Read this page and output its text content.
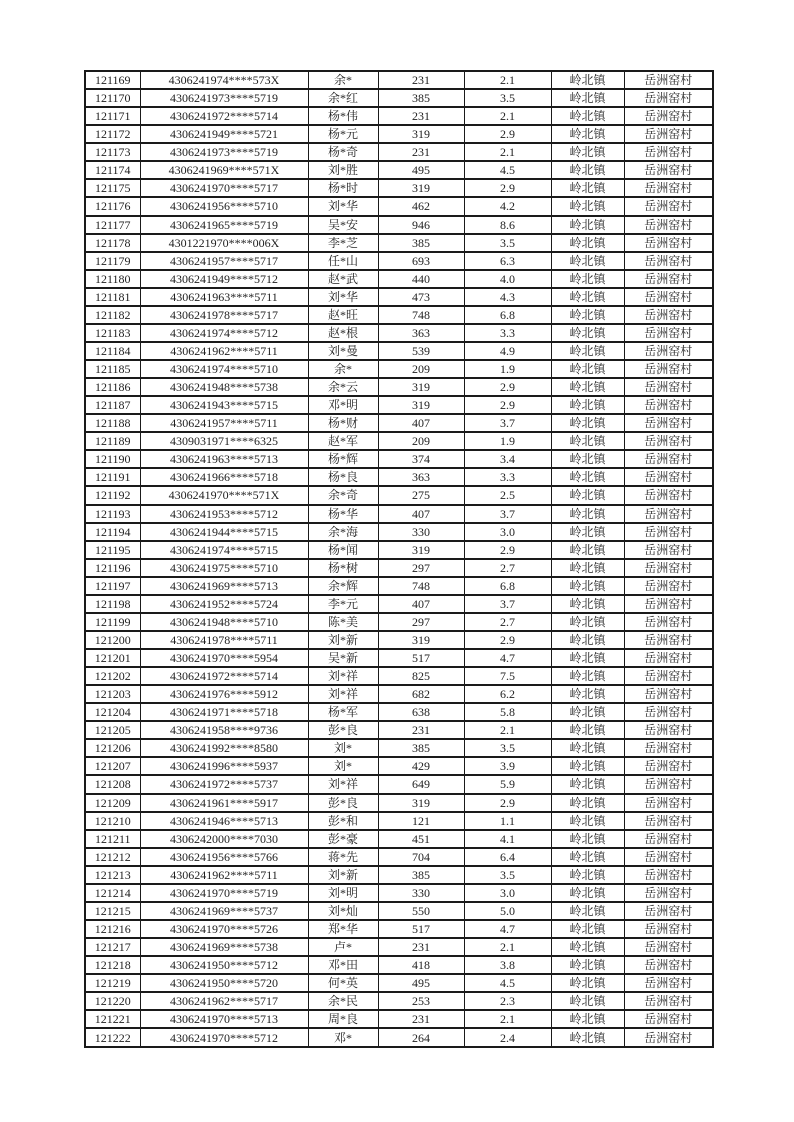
121169	4306241974****573X	余*	231	2.1	岭北镇	岳洲窑村
121170	4306241973****5719	余*红	385	3.5	岭北镇	岳洲窑村
121171	4306241972****5714	杨*伟	231	2.1	岭北镇	岳洲窑村
121172	4306241949****5721	杨*元	319	2.9	岭北镇	岳洲窑村
121173	4306241973****5719	杨*奇	231	2.1	岭北镇	岳洲窑村
121174	4306241969****571X	刘*胜	495	4.5	岭北镇	岳洲窑村
121175	4306241970****5717	杨*时	319	2.9	岭北镇	岳洲窑村
121176	4306241956****5710	刘*华	462	4.2	岭北镇	岳洲窑村
121177	4306241965****5719	吴*安	946	8.6	岭北镇	岳洲窑村
121178	4301221970****006X	李*芝	385	3.5	岭北镇	岳洲窑村
121179	4306241957****5717	任*山	693	6.3	岭北镇	岳洲窑村
121180	4306241949****5712	赵*武	440	4.0	岭北镇	岳洲窑村
121181	4306241963****5711	刘*华	473	4.3	岭北镇	岳洲窑村
121182	4306241978****5717	赵*旺	748	6.8	岭北镇	岳洲窑村
121183	4306241974****5712	赵*根	363	3.3	岭北镇	岳洲窑村
121184	4306241962****5711	刘*曼	539	4.9	岭北镇	岳洲窑村
121185	4306241974****5710	余*	209	1.9	岭北镇	岳洲窑村
121186	4306241948****5738	余*云	319	2.9	岭北镇	岳洲窑村
121187	4306241943****5715	邓*明	319	2.9	岭北镇	岳洲窑村
121188	4306241957****5711	杨*财	407	3.7	岭北镇	岳洲窑村
121189	4309031971****6325	赵*军	209	1.9	岭北镇	岳洲窑村
121190	4306241963****5713	杨*辉	374	3.4	岭北镇	岳洲窑村
121191	4306241966****5718	杨*良	363	3.3	岭北镇	岳洲窑村
121192	4306241970****571X	余*奇	275	2.5	岭北镇	岳洲窑村
121193	4306241953****5712	杨*华	407	3.7	岭北镇	岳洲窑村
121194	4306241944****5715	余*海	330	3.0	岭北镇	岳洲窑村
121195	4306241974****5715	杨*闻	319	2.9	岭北镇	岳洲窑村
121196	4306241975****5710	杨*树	297	2.7	岭北镇	岳洲窑村
121197	4306241969****5713	余*辉	748	6.8	岭北镇	岳洲窑村
121198	4306241952****5724	李*元	407	3.7	岭北镇	岳洲窑村
121199	4306241948****5710	陈*美	297	2.7	岭北镇	岳洲窑村
121200	4306241978****5711	刘*新	319	2.9	岭北镇	岳洲窑村
121201	4306241970****5954	吴*新	517	4.7	岭北镇	岳洲窑村
121202	4306241972****5714	刘*祥	825	7.5	岭北镇	岳洲窑村
121203	4306241976****5912	刘*祥	682	6.2	岭北镇	岳洲窑村
121204	4306241971****5718	杨*军	638	5.8	岭北镇	岳洲窑村
121205	4306241958****9736	彭*良	231	2.1	岭北镇	岳洲窑村
121206	4306241992****8580	刘*	385	3.5	岭北镇	岳洲窑村
121207	4306241996****5937	刘*	429	3.9	岭北镇	岳洲窑村
121208	4306241972****5737	刘*祥	649	5.9	岭北镇	岳洲窑村
121209	4306241961****5917	彭*良	319	2.9	岭北镇	岳洲窑村
121210	4306241946****5713	彭*和	121	1.1	岭北镇	岳洲窑村
121211	4306242000****7030	彭*豪	451	4.1	岭北镇	岳洲窑村
121212	4306241956****5766	蒋*先	704	6.4	岭北镇	岳洲窑村
121213	4306241962****5711	刘*新	385	3.5	岭北镇	岳洲窑村
121214	4306241970****5719	刘*明	330	3.0	岭北镇	岳洲窑村
121215	4306241969****5737	刘*灿	550	5.0	岭北镇	岳洲窑村
121216	4306241970****5726	郑*华	517	4.7	岭北镇	岳洲窑村
121217	4306241969****5738	卢*	231	2.1	岭北镇	岳洲窑村
121218	4306241950****5712	邓*田	418	3.8	岭北镇	岳洲窑村
121219	4306241950****5720	何*英	495	4.5	岭北镇	岳洲窑村
121220	4306241962****5717	余*民	253	2.3	岭北镇	岳洲窑村
121221	4306241970****5713	周*良	231	2.1	岭北镇	岳洲窑村
121222	4306241970****5712	邓*	264	2.4	岭北镇	岳洲窑村
